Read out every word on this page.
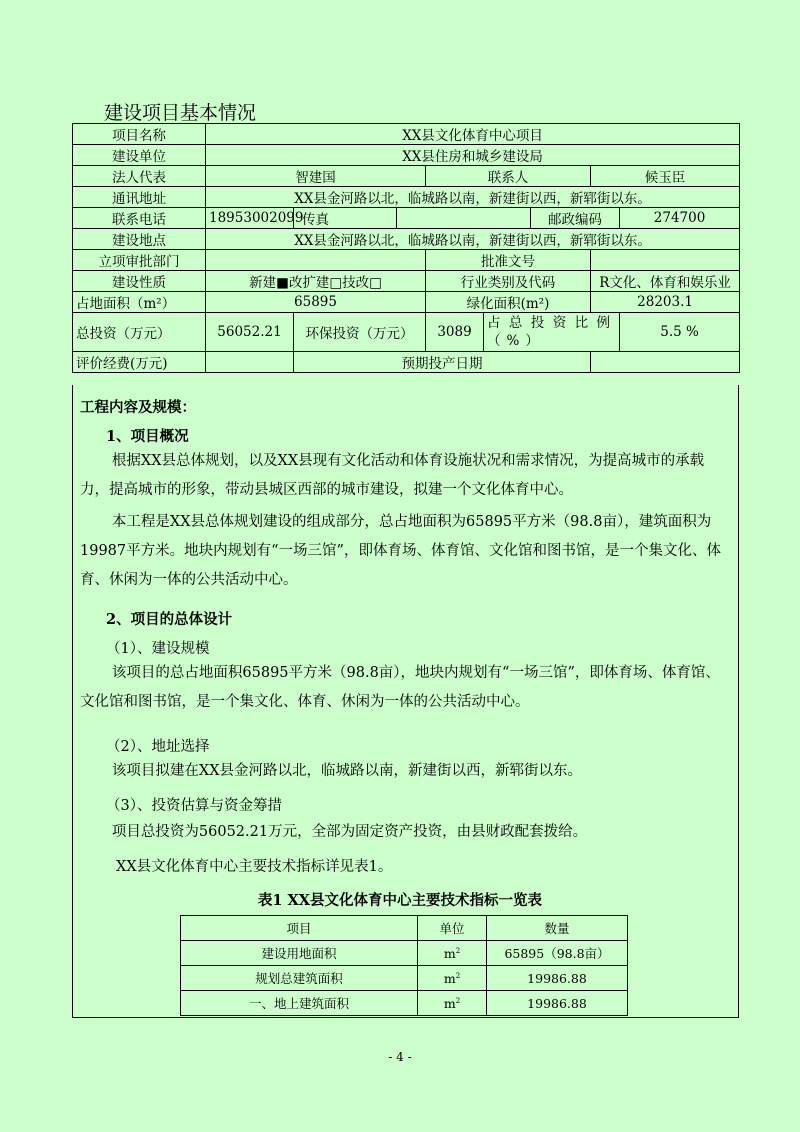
建设项目基本情况
项目名称	XX县文化体育中心项目							
建设单位	XX县住房和城乡建设局							
法人代表	智建国			联系人			候玉臣	
通讯地址	XX县金河路以北，临城路以南，新建街以西，新郓街以东。							
联系电话	18953002099	传真				邮政编码		274700
建设地点	XX县金河路以北，临城路以南，新建街以西，新郓街以东。							
立项审批部门				批准文号				
建设性质	新建■改扩建□技改□			行业类别及代码			R文化、体育和娱乐业	
占地面积（m²）	65895			绿化面积(m²)			28203.1	
总投资（万元）	56052.21	环保投资（万元）		3089	占总投资比例（%）			5.5 %
评价经费(万元)		预期投产日期						

工程内容及规模：

1、项目概况

根据XX县总体规划，以及XX县现有文化活动和体育设施状况和需求情况，为提高城市的承载力，提高城市的形象，带动县城区西部的城市建设，拟建一个文化体育中心。

本工程是XX县总体规划建设的组成部分，总占地面积为65895平方米（98.8亩），建筑面积为19987平方米。地块内规划有“一场三馆”，即体育场、体育馆、文化馆和图书馆，是一个集文化、体育、休闲为一体的公共活动中心。

2、项目的总体设计

（1）、建设规模

该项目的总占地面积65895平方米（98.8亩），地块内规划有“一场三馆”，即体育场、体育馆、文化馆和图书馆，是一个集文化、体育、休闲为一体的公共活动中心。

（2）、地址选择

该项目拟建在XX县金河路以北，临城路以南，新建街以西，新郓街以东。

（3）、投资估算与资金筹措

项目总投资为56052.21万元，全部为固定资产投资，由县财政配套拨给。

XX县文化体育中心主要技术指标详见表1。

表1 XX县文化体育中心主要技术指标一览表

项目	单位	数量
建设用地面积	$m^2$	65895（98.8亩）
规划总建筑面积	$m^2$	19986.88
一、地上建筑面积	$m^2$	19986.88
- 4 -
